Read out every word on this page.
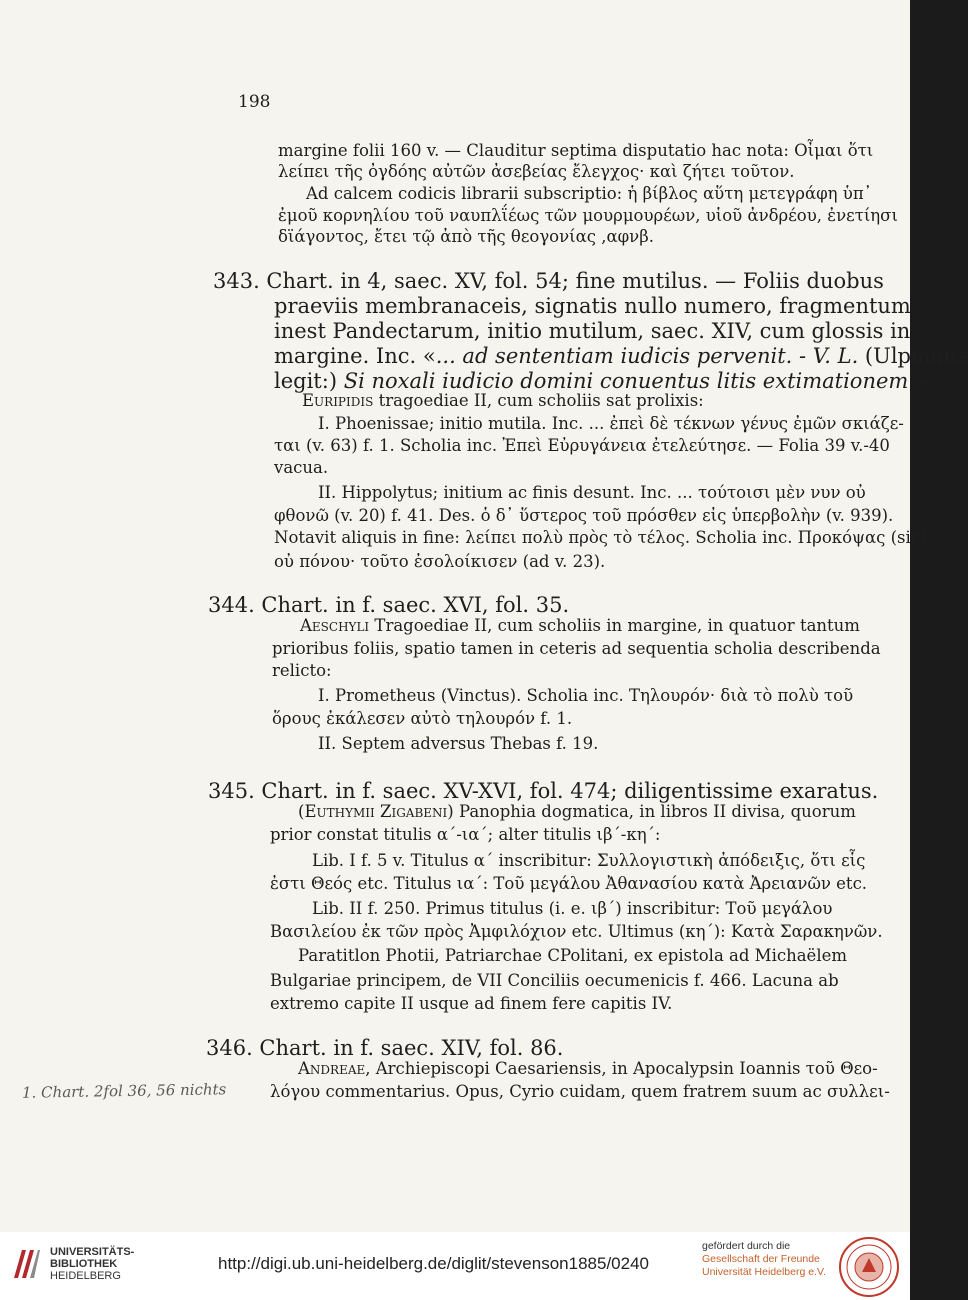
198
margine folii 160 v. — Clauditur septima disputatio hac nota: Οἶμαι ὅτι
λείπει τῆς ὀγδόης αὐτῶν ἀσεβείας ἔλεγχος· καὶ ζήτει τοῦτον.
Ad calcem codicis librarii subscriptio: ἡ βίβλος αὕτη μετεγράφη ὑπ᾽
ἐμοῦ κορνηλίου τοῦ ναυπλΐέως τῶν μουρμουρέων, υἱοῦ ἀνδρέου, ἐνετίησι
δϊάγοντος, ἔτει τῷ ἀπὸ τῆς θεογονίας ,αφνβ.
343. Chart. in 4, saec. XV, fol. 54; fine mutilus. — Foliis duobus
praeviis membranaceis, signatis nullo numero, fragmentum
inest Pandectarum, initio mutilum, saec. XIV, cum glossis in
margine. Inc. «... ad sententiam iudicis pervenit. - V. L. (Ulpianus
legit:) Si noxali iudicio domini conuentus litis extimationem ».
Euripidis tragoediae II, cum scholiis sat prolixis:
I. Phoenissae; initio mutila. Inc. ... ἐπεὶ δὲ τέκνων γένυς ἐμῶν σκιάζε-
ται (v. 63) f. 1. Scholia inc. Ἐπεὶ Εὐρυγάνεια ἐτελεύτησε. — Folia 39 v.-40
vacua.
II. Hippolytus; initium ac finis desunt. Inc. ... τούτοισι μὲν νυν οὐ
φθονῶ (v. 20) f. 41. Des. ὁ δ᾽ ὕστερος τοῦ πρόσθεν εἰς ὑπερβολὴν (v. 939).
Notavit aliquis in fine: λείπει πολὺ πρὸς τὸ τέλος. Scholia inc. Προκόψας (sic)
οὐ πόνου· τοῦτο ἐσολοίκισεν (ad v. 23).
344. Chart. in f. saec. XVI, fol. 35.
Aeschyli Tragoediae II, cum scholiis in margine, in quatuor tantum
prioribus foliis, spatio tamen in ceteris ad sequentia scholia describenda
relicto:
I. Prometheus (Vinctus). Scholia inc. Τηλουρόν· διὰ τὸ πολὺ τοῦ
ὅρους ἐκάλεσεν αὐτὸ τηλουρόν f. 1.
II. Septem adversus Thebas f. 19.
345. Chart. in f. saec. XV-XVI, fol. 474; diligentissime exaratus.
(Euthymii Zigabeni) Panophia dogmatica, in libros II divisa, quorum
prior constat titulis α´-ια´; alter titulis ιβ´-κη´:
Lib. I f. 5 v. Titulus α´ inscribitur: Συλλογιστικὴ ἀπόδειξις, ὅτι εἷς
ἐστι Θεός etc. Titulus ια´: Τοῦ μεγάλου Ἀθανασίου κατὰ Ἀρειανῶν etc.
Lib. II f. 250. Primus titulus (i. e. ιβ´) inscribitur: Τοῦ μεγάλου
Βασιλείου ἐκ τῶν πρὸς Ἀμφιλόχιον etc. Ultimus (κη´): Κατὰ Σαρακηνῶν.
Paratitlon Photii, Patriarchae CPolitani, ex epistola ad Michaëlem
Bulgariae principem, de VII Conciliis oecumenicis f. 466. Lacuna ab
extremo capite II usque ad finem fere capitis IV.
346. Chart. in f. saec. XIV, fol. 86.
Andreae, Archiepiscopi Caesariensis, in Apocalypsin Ioannis τοῦ Θεο-
λόγου commentarius. Opus, Cyrio cuidam, quem fratrem suum ac συλλει-
1. Chart. 2fol 36, 56 nichts
UNIVERSITÄTS-
BIBLIOTHEK
HEIDELBERG
http://digi.ub.uni-heidelberg.de/diglit/stevenson1885/0240
gefördert durch die
Gesellschaft der Freunde
Universität Heidelberg e.V.
